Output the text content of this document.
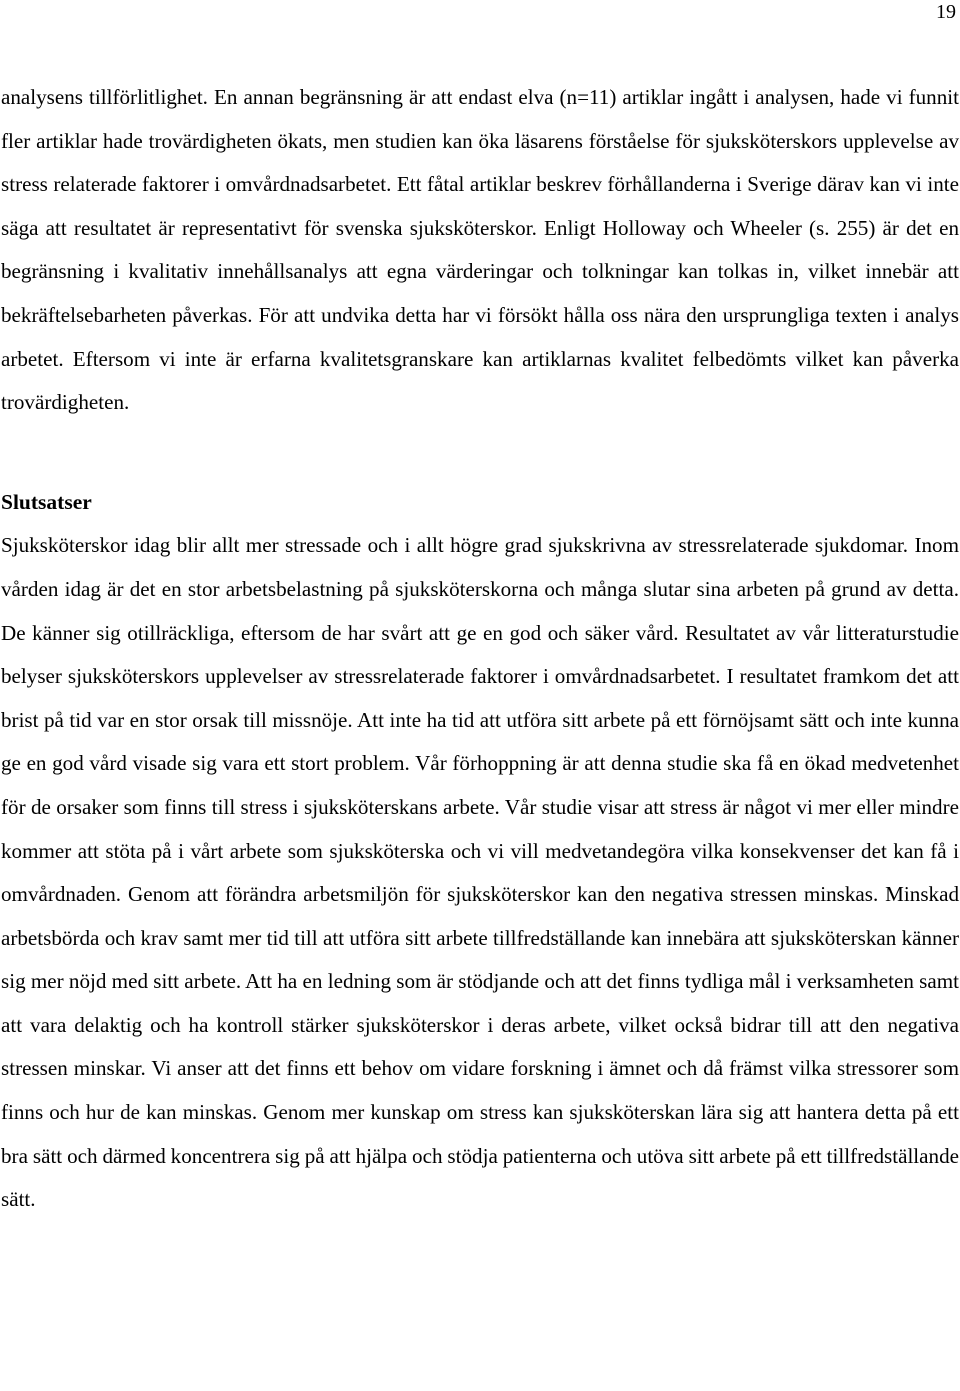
19

analysens tillförlitlighet. En annan begränsning är att endast elva (n=11) artiklar ingått i analysen, hade vi funnit fler artiklar hade trovärdigheten ökats, men studien kan öka läsarens förståelse för sjuksköterskors upplevelse av stress relaterade faktorer i omvårdnadsarbetet. Ett fåtal artiklar beskrev förhållanderna i Sverige därav kan vi inte säga att resultatet är representativt för svenska sjuksköterskor. Enligt Holloway och Wheeler (s. 255) är det en begränsning i kvalitativ innehållsanalys att egna värderingar och tolkningar kan tolkas in, vilket innebär att bekräftelsebarheten påverkas. För att undvika detta har vi försökt hålla oss nära den ursprungliga texten i analys arbetet. Eftersom vi inte är erfarna kvalitetsgranskare kan artiklarnas kvalitet felbedömts vilket kan påverka trovärdigheten.

Slutsatser

Sjuksköterskor idag blir allt mer stressade och i allt högre grad sjukskrivna av stressrelaterade sjukdomar. Inom vården idag är det en stor arbetsbelastning på sjuksköterskorna och många slutar sina arbeten på grund av detta. De känner sig otillräckliga, eftersom de har svårt att ge en god och säker vård. Resultatet av vår litteraturstudie belyser sjuksköterskors upplevelser av stressrelaterade faktorer i omvårdnadsarbetet. I resultatet framkom det att brist på tid var en stor orsak till missnöje. Att inte ha tid att utföra sitt arbete på ett förnöjsamt sätt och inte kunna ge en god vård visade sig vara ett stort problem. Vår förhoppning är att denna studie ska få en ökad medvetenhet för de orsaker som finns till stress i sjuksköterskans arbete. Vår studie visar att stress är något vi mer eller mindre kommer att stöta på i vårt arbete som sjuksköterska och vi vill medvetandegöra vilka konsekvenser det kan få i omvårdnaden. Genom att förändra arbetsmiljön för sjuksköterskor kan den negativa stressen minskas. Minskad arbetsbörda och krav samt mer tid till att utföra sitt arbete tillfredställande kan innebära att sjuksköterskan känner sig mer nöjd med sitt arbete. Att ha en ledning som är stödjande och att det finns tydliga mål i verksamheten samt att vara delaktig och ha kontroll stärker sjuksköterskor i deras arbete, vilket också bidrar till att den negativa stressen minskar. Vi anser att det finns ett behov om vidare forskning i ämnet och då främst vilka stressorer som finns och hur de kan minskas. Genom mer kunskap om stress kan sjuksköterskan lära sig att hantera detta på ett bra sätt och därmed koncentrera sig på att hjälpa och stödja patienterna och utöva sitt arbete på ett tillfredställande sätt.
